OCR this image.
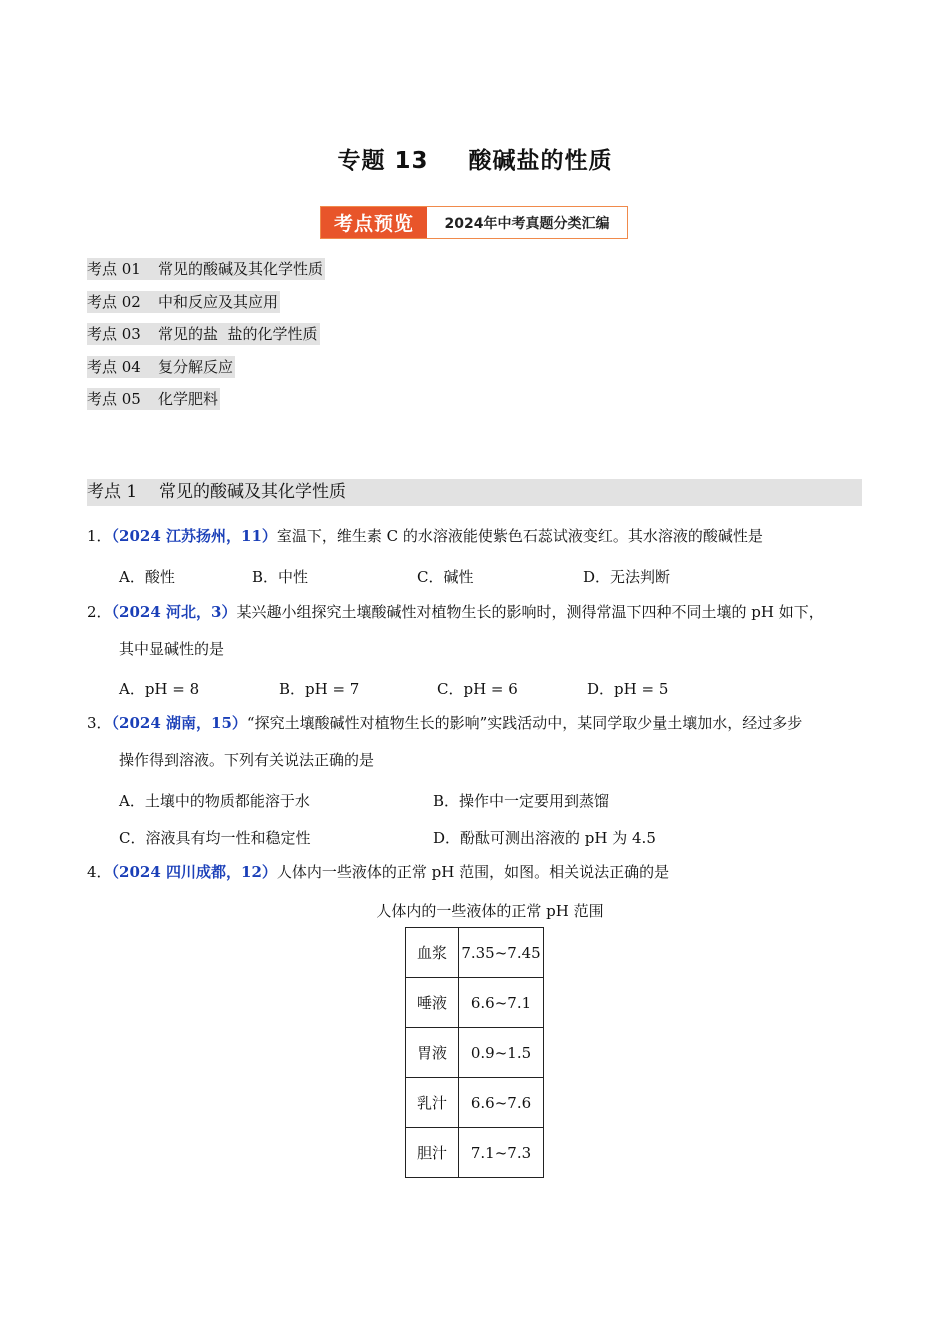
专题 13 酸碱盐的性质
考点预览	2024年中考真题分类汇编
考点 01 常见的酸碱及其化学性质
考点 02 中和反应及其应用
考点 03 常见的盐  盐的化学性质
考点 04 复分解反应
考点 05 化学肥料
考点 1 常见的酸碱及其化学性质
1．（2024 江苏扬州，11）室温下，维生素 C 的水溶液能使紫色石蕊试液变红。其水溶液的酸碱性是
A．酸性	B．中性	C．碱性	D．无法判断
2．（2024 河北，3）某兴趣小组探究土壤酸碱性对植物生长的影响时，测得常温下四种不同土壤的 pH 如下，
其中显碱性的是
A．pH = 8	B．pH = 7	C．pH = 6	D．pH = 5
3．（2024 湖南，15）“探究土壤酸碱性对植物生长的影响”实践活动中，某同学取少量土壤加水，经过多步
操作得到溶液。下列有关说法正确的是
A．土壤中的物质都能溶于水	B．操作中一定要用到蒸馏
C．溶液具有均一性和稳定性	D．酚酞可测出溶液的 pH 为 4.5
4．（2024 四川成都，12）人体内一些液体的正常 pH 范围，如图。相关说法正确的是
人体内的一些液体的正常 pH 范围
血浆	7.35~7.45
唾液	6.6~7.1
胃液	0.9~1.5
乳汁	6.6~7.6
胆汁	7.1~7.3
